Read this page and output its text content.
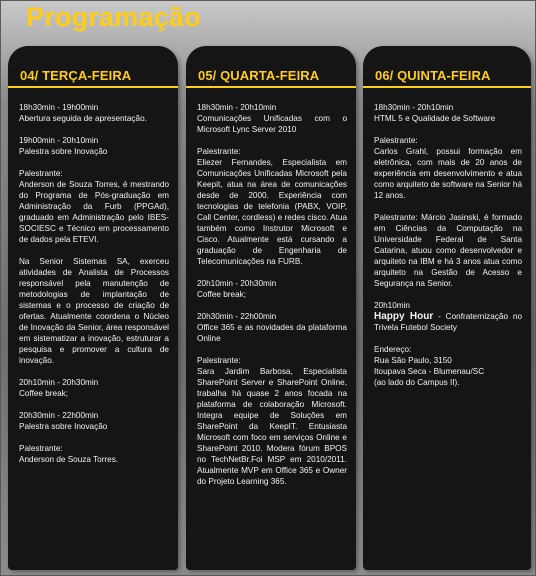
Programação
04/ TERÇA-FEIRA

18h30min - 19h00min
Abertura seguida de apresentação.

19h00min - 20h10min
Palestra sobre Inovação

Palestrante:
Anderson de Souza Torres, é mestrando do Programa de Pós-graduação em Administração da Furb (PPGAd), graduado em Administração pelo IBES-SOCIESC e Técnico em processamento de dados pela ETEVI.

Na Senior Sistemas SA, exerceu atividades de Analista de Processos responsável pela manutenção de metodologias de implantação de sistemas e o processo de criação de ofertas. Atualmente coordena o Núcleo de Inovação da Senior, área responsável em sistematizar a inovação, estruturar a pesquisa e promover a cultura de inovação.

20h10min - 20h30min
Coffee break;

20h30min - 22h00min
Palestra sobre Inovação

Palestrante:
Anderson de Souza Torres.

05/ QUARTA-FEIRA

18h30min - 20h10min
Comunicações Unificadas com o Microsoft Lync Server 2010

Palestrante:
Eliezer Fernandes, Especialista em Comunicações Unificadas Microsoft pela Keepit, atua na área de comunicações desde de 2000. Experiência com tecnologias de telefonia (PABX, VOIP, Call Center, cordless) e redes cisco. Atua também como Instrutor Microsoft e Cisco. Atualmente está cursando a graduação de Engenharia de Telecomunicações na FURB.

20h10min - 20h30min
Coffee break;

20h30min - 22h00min
Office 365 e as novidades da plataforma Online

Palestrante:
Sara Jardim Barbosa, Especialista SharePoint Server e SharePoint Online, trabalha há quase 2 anos focada na plataforma de colaboração Microsoft. Integra equipe de Soluções em SharePoint da KeepIT. Entusiasta Microsoft com foco em serviços Online e SharePoint 2010. Modera fórum BPOS no TechNetBr.Foi MSP em 2010/2011. Atualmente MVP em Office 365 e Owner do Projeto Learning 365.

06/ QUINTA-FEIRA

18h30min - 20h10min
HTML 5 e Qualidade de Software

Palestrante:
Carlos Grahl, possui formação em eletrônica, com mais de 20 anos de experiência em desenvolvimento e atua como arquiteto de software na Senior há 12 anos.

Palestrante: Márcio Jasinski, é formado em Ciências da Computação na Universidade Federal de Santa Catarina, atuou como desenvolvedor e arquiteto na IBM e há 3 anos atua como arquiteto na Gestão de Acesso e Segurança na Senior.

20h10min
Happy Hour - Confraternização no Trivela Futebol Society

Endereço:
Rua São Paulo, 3150
Itoupava Seca - Blumenau/SC
(ao lado do Campus II).
